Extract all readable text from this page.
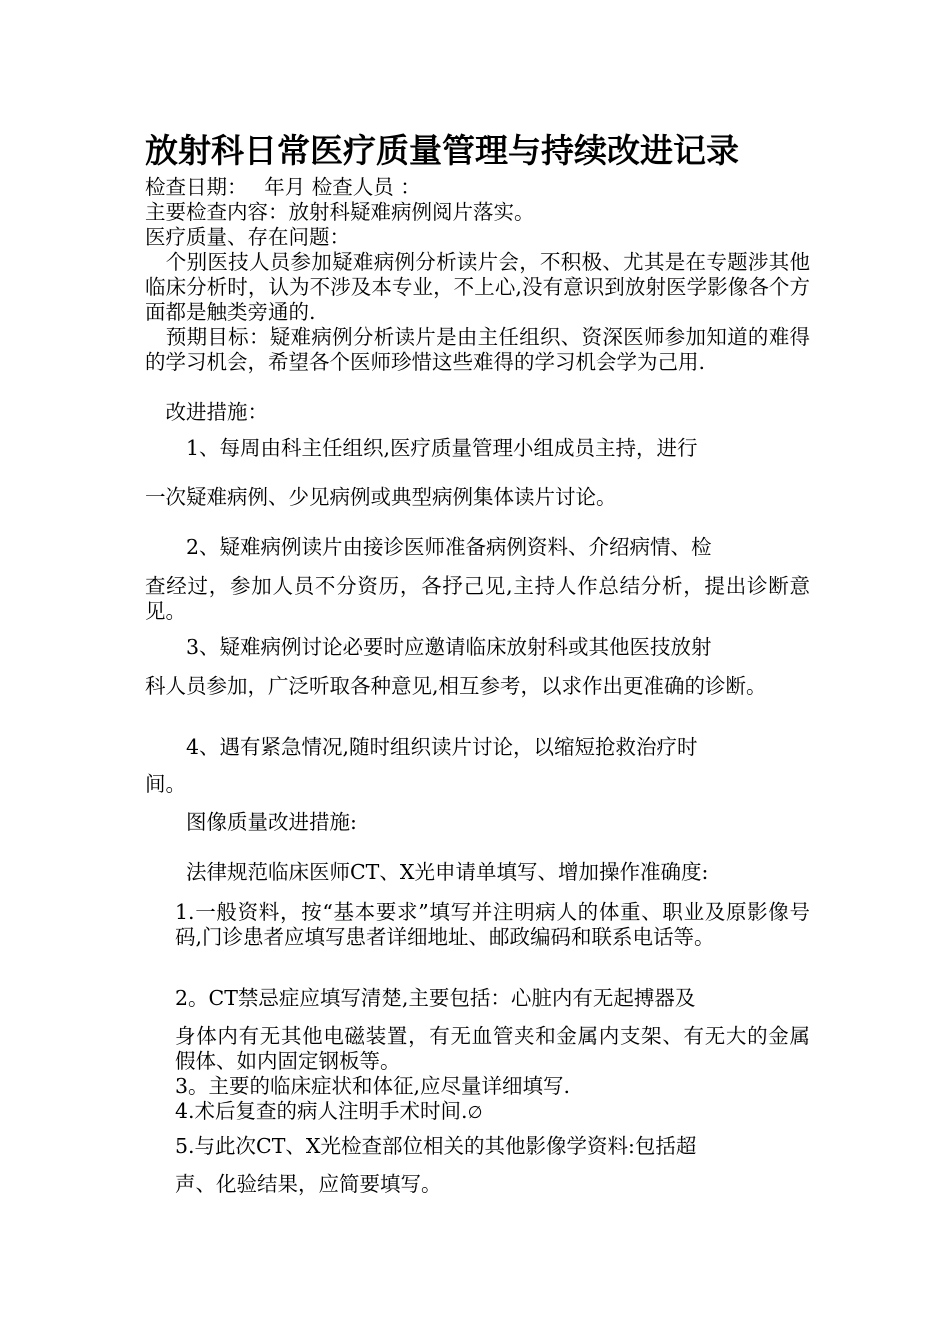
放射科日常医疗质量管理与持续改进记录

检查日期：　 年月 检查人员 ：

主要检查内容：放射科疑难病例阅片落实。

医疗质量、存在问题：

　个别医技人员参加疑难病例分析读片会，不积极、尤其是在专题涉其他临床分析时，认为不涉及本专业，不上心,没有意识到放射医学影像各个方面都是触类旁通的.

　预期目标：疑难病例分析读片是由主任组织、资深医师参加知道的难得的学习机会，希望各个医师珍惜这些难得的学习机会学为己用.

　改进措施：

　　1、每周由科主任组织,医疗质量管理小组成员主持，进行

一次疑难病例、少见病例或典型病例集体读片讨论。

　　2、疑难病例读片由接诊医师准备病例资料、介绍病情、检

查经过，参加人员不分资历，各抒己见,主持人作总结分析，提出诊断意见。

　　3、疑难病例讨论必要时应邀请临床放射科或其他医技放射

科人员参加，广泛听取各种意见,相互参考，以求作出更准确的诊断。

　　4、遇有紧急情况,随时组织读片讨论，以缩短抢救治疗时

间。

　　图像质量改进措施:

　　法律规范临床医师CT、X光申请单填写、增加操作准确度:

1.一般资料，按“基本要求”填写并注明病人的体重、职业及原影像号码,门诊患者应填写患者详细地址、邮政编码和联系电话等。

2。CT禁忌症应填写清楚,主要包括：心脏内有无起搏器及

身体内有无其他电磁装置，有无血管夹和金属内支架、有无大的金属假体、如内固定钢板等。

3。主要的临床症状和体征,应尽量详细填写.

4.术后复查的病人注明手术时间.∅

5.与此次CT、X光检查部位相关的其他影像学资料:包括超

声、化验结果，应简要填写。
